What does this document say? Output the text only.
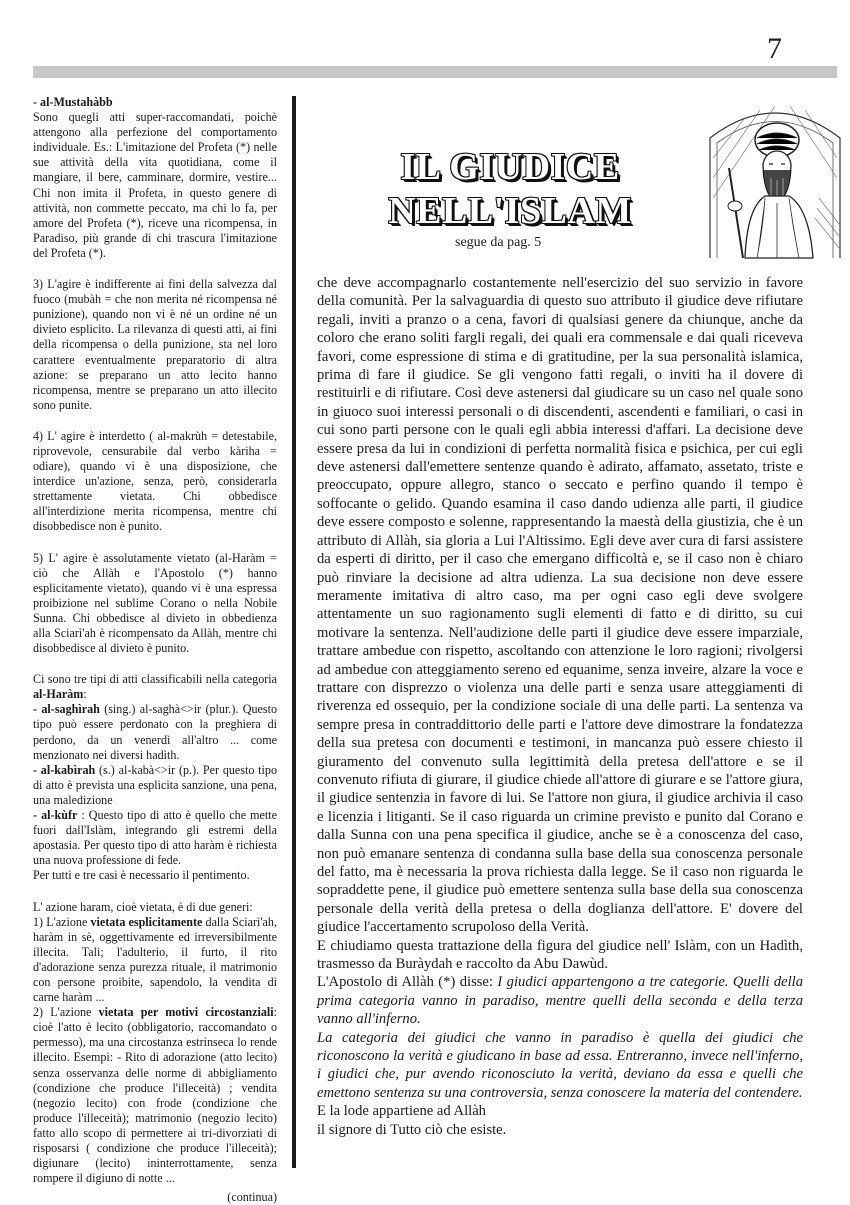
7

- al-Mustahàbb
Sono quegli atti super-raccomandati, poichè attengono alla perfezione del comportamento individuale. Es.: L'imitazione del Profeta (*) nelle sue attività della vita quotidiana, come il mangiare, il bere, camminare, dormire, vestire... Chi non imita il Profeta, in questo genere di attività, non commette peccato, ma chi lo fa, per amore del Profeta (*), riceve una ricompensa, in Paradiso, più grande di chi trascura l'imitazione del Profeta (*).

3) L'agire è indifferente ai fini della salvezza dal fuoco (mubàh = che non merita né ricompensa né punizione), quando non vi è né un ordine né un divieto esplicito. La rilevanza di questi atti, ai fini della ricompensa o della punizione, sta nel loro carattere eventualmente preparatorio di altra azione: se preparano un atto lecito hanno ricompensa, mentre se preparano un atto illecito sono punite.

4) L' agire è interdetto ( al-makrùh = detestabile, riprovevole, censurabile dal verbo kàriha = odiare), quando vi è una disposizione, che interdice un'azione, senza, però, considerarla strettamente vietata. Chi obbedisce all'interdizione merita ricompensa, mentre chi disobbedisce non è punito.

5) L' agire è assolutamente vietato (al-Haràm = ciò che Allàh e l'Apostolo (*) hanno esplicitamente vietato), quando vi è una espressa proibizione nel sublime Corano o nella Nobile Sunna. Chi obbedisce al divieto in obbedienza alla Sciarì'ah è ricompensato da Allàh, mentre chi disobbedisce al divieto è punito.

Ci sono tre tipi di atti classificabili nella categoria al-Haràm:
- al-saghìrah (sing.) al-saghà<>ir (plur.). Questo tipo può essere perdonato con la preghiera di perdono, da un venerdì all'altro ... come menzionato nei diversi hadìth.
- al-kabìrah (s.) al-kabà<>ir (p.). Per questo tipo di atto è prevista una esplicita sanzione, una pena, una maledizione
- al-kùfr : Questo tipo di atto è quello che mette fuori dall'Islàm, integrando gli estremi della apostasia. Per questo tipo di atto haràm è richiesta una nuova professione di fede.
Per tutti e tre casi è necessario il pentimento.

L' azione haram, cioè vietata, è di due generi:
1) L'azione vietata esplicitamente dalla Sciarì'ah, haràm in sè, oggettivamente ed irreversibilmente illecita. Tali; l'adulterio, il furto, il rito d'adorazione senza purezza rituale, il matrimonio con persone proibite, sapendolo, la vendita di carne haràm ...
2) L'azione vietata per motivi circostanziali: cioè l'atto è lecito (obbligatorio, raccomandato o permesso), ma una circostanza estrinseca lo rende illecito. Esempi: - Rito di adorazione (atto lecito) senza osservanza delle norme di abbigliamento (condizione che produce l'illeceità) ; vendita (negozio lecito) con frode (condizione che produce l'illeceità); matrimonio (negozio lecito) fatto allo scopo di permettere ai tri-divorziati di risposarsi ( condizione che produce l'illeceità); digiunare (lecito) ininterrottamente, senza rompere il digiuno di notte ...

(continua)
IL GIUDICE
NELL'ISLAM
segue da pag. 5

che deve accompagnarlo costantemente nell'esercizio del suo servizio in favore della comunità. Per la salvaguardia di questo suo attributo il giudice deve rifiutare regali, inviti a pranzo o a cena, favori di qualsiasi genere da chiunque, anche da coloro che erano soliti fargli regali, dei quali era commensale e dai quali riceveva favori, come espressione di stima e di gratitudine, per la sua personalità islamica, prima di fare il giudice. Se gli vengono fatti regali, o inviti ha il dovere di restituirli e di rifiutare. Così deve astenersi dal giudicare su un caso nel quale sono in giuoco suoi interessi personali o di discendenti, ascendenti e familiari, o casi in cui sono parti persone con le quali egli abbia interessi d'affari. La decisione deve essere presa da lui in condizioni di perfetta normalità fisica e psichica, per cui egli deve astenersi dall'emettere sentenze quando è adirato, affamato, assetato, triste e preoccupato, oppure allegro, stanco o seccato e perfino quando il tempo è soffocante o gelido. Quando esamina il caso dando udienza alle parti, il giudice deve essere composto e solenne, rappresentando la maestà della giustizia, che è un attributo di Allàh, sia gloria a Lui l'Altissimo. Egli deve aver cura di farsi assistere da esperti di diritto, per il caso che emergano difficoltà e, se il caso non è chiaro può rinviare la decisione ad altra udienza. La sua decisione non deve essere meramente imitativa di altro caso, ma per ogni caso egli deve svolgere attentamente un suo ragionamento sugli elementi di fatto e di diritto, su cui motivare la sentenza. Nell'audizione delle parti il giudice deve essere imparziale, trattare ambedue con rispetto, ascoltando con attenzione le loro ragioni; rivolgersi ad ambedue con atteggiamento sereno ed equanime, senza inveire, alzare la voce e trattare con disprezzo o violenza una delle parti e senza usare atteggiamenti di riverenza ed ossequio, per la condizione sociale di una delle parti. La sentenza va sempre presa in contraddittorio delle parti e l'attore deve dimostrare la fondatezza della sua pretesa con documenti e testimoni, in mancanza può essere chiesto il giuramento del convenuto sulla legittimità della pretesa dell'attore e se il convenuto rifiuta di giurare, il giudice chiede all'attore di giurare e se l'attore giura, il giudice sentenzia in favore di lui. Se l'attore non giura, il giudice archivia il caso e licenzia i litiganti. Se il caso riguarda un crimine previsto e punito dal Corano e dalla Sunna con una pena specifica il giudice, anche se è a conoscenza del caso, non può emanare sentenza di condanna sulla base della sua conoscenza personale del fatto, ma è necessaria la prova richiesta dalla legge. Se il caso non riguarda le sopraddette pene, il giudice può emettere sentenza sulla base della sua conoscenza personale della verità della pretesa o della doglianza dell'attore. E' dovere del giudice l'accertamento scrupoloso della Verità.

E chiudiamo questa trattazione della figura del giudice nell' Islàm, con un Hadìth, trasmesso da Buràydah e raccolto da Abu Dawùd.

L'Apostolo di Allàh (*) disse: I giudici appartengono a tre categorie. Quelli della prima categoria vanno in paradiso, mentre quelli della seconda e della terza vanno all'inferno.

La categoria dei giudici che vanno in paradiso è quella dei giudici che riconoscono la verità e giudicano in base ad essa. Entreranno, invece nell'inferno, i giudici che, pur avendo riconosciuto la verità, deviano da essa e quelli che emettono sentenza su una controversia, senza conoscere la materia del contendere.

E la lode appartiene ad Allàh

il signore di Tutto ciò che esiste.
